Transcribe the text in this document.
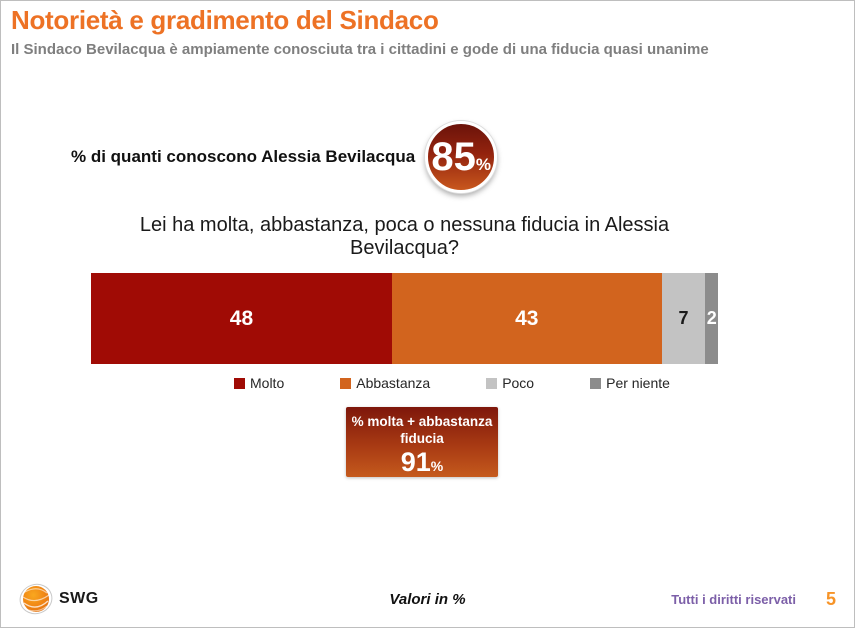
Notorietà e gradimento del Sindaco

Il Sindaco Bevilacqua è ampiamente conosciuta tra i cittadini e gode di una fiducia quasi unanime

% di quanti conoscono Alessia Bevilacqua 85 %
Lei ha molta, abbastanza, poca o nessuna fiducia in Alessia Bevilacqua?
48	43	7	2
Molto	Abbastanza	Poco	Per niente
% molta + abbastanza
fiducia
91%
SWG	Valori in %	Tutti i diritti riservati 5
